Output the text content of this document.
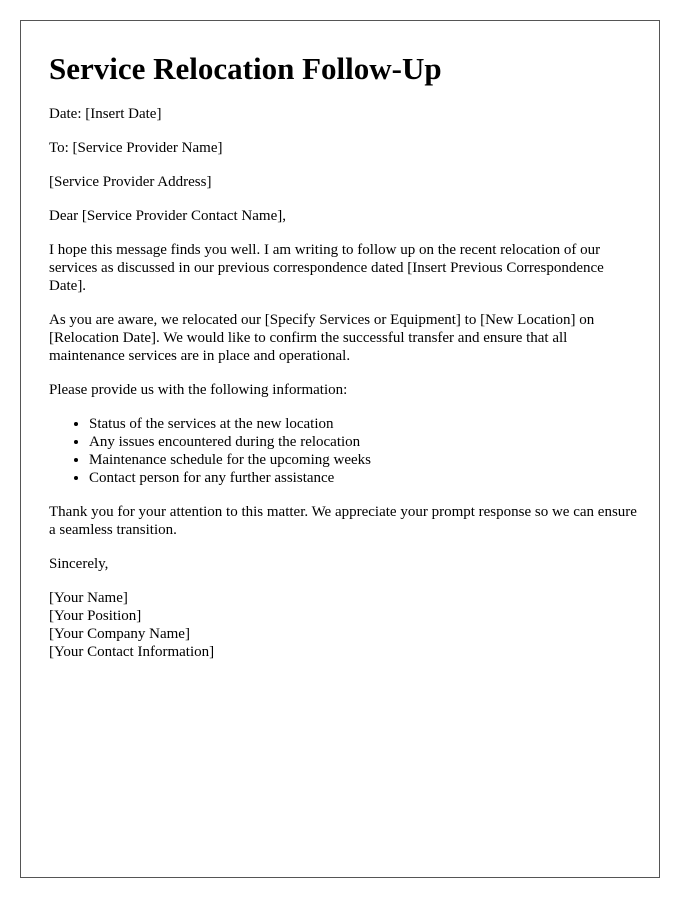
Service Relocation Follow-Up

Date: [Insert Date]

To: [Service Provider Name]

[Service Provider Address]

Dear [Service Provider Contact Name],

I hope this message finds you well. I am writing to follow up on the recent relocation of our services as discussed in our previous correspondence dated [Insert Previous Correspondence Date].

As you are aware, we relocated our [Specify Services or Equipment] to [New Location] on [Relocation Date]. We would like to confirm the successful transfer and ensure that all maintenance services are in place and operational.

Please provide us with the following information:

• Status of the services at the new location
• Any issues encountered during the relocation
• Maintenance schedule for the upcoming weeks
• Contact person for any further assistance

Thank you for your attention to this matter. We appreciate your prompt response so we can ensure a seamless transition.

Sincerely,

[Your Name]
[Your Position]
[Your Company Name]
[Your Contact Information]
